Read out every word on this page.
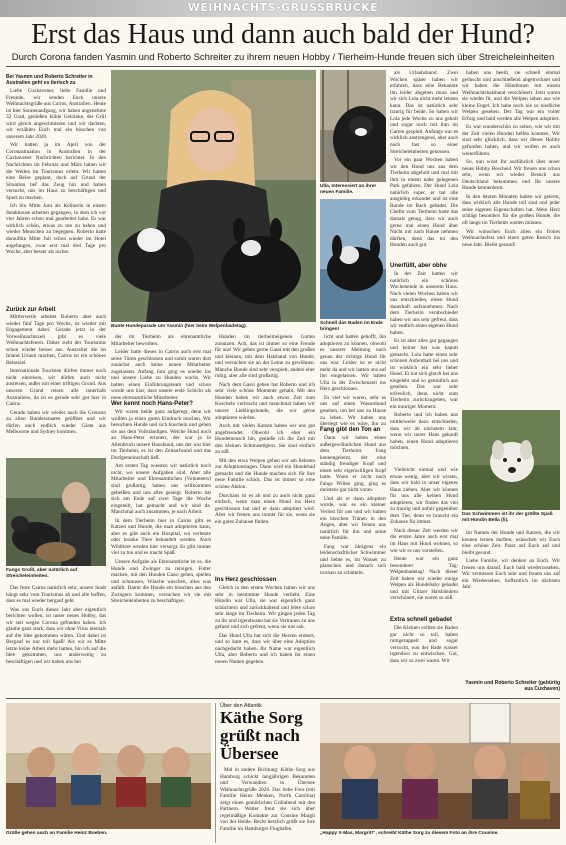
WEIHNACHTS-GRUSSBRÜCKE
Erst das Haus und dann auch bald der Hund?
Durch Corona fanden Yasmin und Roberto Schreiter zu ihrem neuen Hobby / Tierheim-Hunde freuen sich über Streicheleinheiten
Bei Yasmin und Roberto Schreiter in Australien geht es tierisch zu

Liebe Cuxhavener, liebe Familie und Freunde, wir senden Euch unsere Weihnachtsgrüße aus Cairns, Australien. Heute ist hier Sonnenaufgang, wir haben angenehme 32 Grad, genießen kühle Getränke, der Grill wird gleich angeschmissen und wir dachten, wir erzählen Euch mal ein bisschen von unserem Jahr 2020.

Wir hatten ja im April von der Coronasituation in Australien in der Cuxhavener Nachrichten berichtet. In den Nachrichten im Februar und März haben wir die Wellen im Tourismus erlebt. Wir hatten eine Reise geplant, doch auf Grund der Situation lief das Zeug hin und haben versucht, uns im Haus zu beschäftigen und Sport zu machen.

Ich bin Mitte Juni als Kellnerin in einem Steakhouse arbeiten gegangen, in dem ich vor vier Jahren schon mal gearbeitet habe. Es war wirklich schön, etwas zu tun zu haben und wieder Menschen zu begegnen. Roberto hatte daraufhin Mitte Juli schon wieder im Hotel angefangen, zwar erst mal drei Tage pro Woche, aber besser als nichts.

Zurück zur Arbeit

Mittlerweile arbeitet Roberto aber auch wieder fünf Tage pro Woche, ist wieder mit Engagement dabei. Gerade jetzt in der Vorweihnachtszeit gibt es viele Weihnachtsfeiern. Daher sieht der Tourismus schon wieder besser aus. Australier die im Inland Urlaub machen, Cairns ist ein schönes Reiseziel.

Internationale Touristen dürfen immer noch nicht einreisen, wir dürfen auch nicht ausreisen, außer mit einer triftigen Grund. Aus unseren Grund reisen alle innerhalb Australiens, da ist es gerade sehr gut hier in Cairns.

Gerade haben wir wieder auch die Grenzen zu allen Bundesstaaten geöffnet und wir dürfen auch endlich wieder Gäste aus Melbourne und Sydney kommen.

Fangs Großl, aber natürlich auf Streicheleinheiten.

Das feste Cairns natürlich sehr, unsere Stadt hängt sehr vom Tourismus ab und alle hoffen, dass es mal wieder bergauf geht.

Was uns Euch dieses Jahr aber eigentlich berichten wollen, ist unser neues Hobby, das wir seit wegen Corona gefunden haben. Ich glaube ganz stark, dass wir ohne Virus niemals auf die Idee gekommen wären. Und dabei ist Bergauf es nur toll Spaß! Als wir es Mitte letzte keine Arbeit mehr hatten, hin ich auf die Idee gekommen, uns anderweitig zu beschäftigen und wir haben uns bei

Bunte Hundeparade um Yasmin (hier beim Welpenbadetag).
Ulla, Interessiert an ihrer neuen Familie.
Schnell das Baden im Ende bringen!

der im Tierheim als ehrenamtliche Mitarbeiter beworben.

Leider hatte dieses in Cairns auch erst mal seine Türen geschlossen und somit waren dort zunächst auch keine neuen Mitarbeiter zugelassen. Anfang Juni ging es wieder los und unsere Liebe zu Hunden wuchs. Wir hatten einen Einführungsteam und schon wurde uns klar, dass unsere erste Schicht als neue ehrenamtliche Mitarbeiter.

Wer kennt noch Hans-Peter?

Wir waren beide ganz aufgeregt, denn wir wollten ja einen guten Eindruck machen. Wir besuchten Hunde und sich kuscheln und gehen sie aus dem Vollständigen. Welche Hund noch an Hans-Peter erinnert, der war ja in Altenbruch unsere Haushund, uns der war hier im Tierheim, es ist den Zeitaufwand und das Dorfgemeinschaft ließ.

Am ersten Tag wussten wir natürlich noch nicht, wo unsere Aufgaben sind. Aber alle Mitarbeiter und Ehrenamtlichen (Volunteers) sind großartig, haben uns willkommen geheißen und uns alles gezeigt. Roberto hat sich am Ende auf zwei Tage die Woche eingeteilt, hat gemacht und wir sind da. Manchmal auch zusammen, je nach Arbeit.

In dem Tierheim hier in Cairns gibt es Katzen und Hunde, die man adoptieren kann, aber es gibt auch ein Hospital, wo verletzte oder kranke Tiere behandelt werden. Auch Wildtiere werden hier versorgt. Es gibt immer viel zu tun und es macht Spaß.

Unsere Aufgabe als Ehrenamtliche ist es, die Hunde und Zwinger zu reinigen, Futter machen, mit den Hunden Gassi gehen, spielen und schmusen, Wäsche waschen, alles was anfällt. Damit die Hunde ein bisschen aus den Zwingern kommen, versuchen wir sie mit Streicheleinheiten zu beschäftigen.

Hunden im tierheimeigenen Garten zunutzen. Ach, das ist immer so eine Freude für uns! Wir gehen gerne Gassi mit den großen und kleinen, mit dem Halsband von Hunde, und versuchen sie an der Leine zu gewöhnen. Manche Hunde sind sehr verspielt, andere eher ruhig, aber alle sind großartig.

Nach dem Gassi gehen hat Roberto und ich sehr viele schöne Momente gehabt. Mit den Hunden haben wir auch etwas Zeit zum Kuscheln verbracht und manchmal haben wir unsere Lieblingshunde, die wir gerne adoptieren würden.

Auch mit vielen Katzen haben wir uns gut angefreundet. Obwohl ich eher ein Hundemensch bin, genieße ich die Zeit mit den kleinen Schmusetigern. Sie sind einfach zu süß.

Mit den etwa Welpen gehen wir am liebsten zur Adoptionstagen. Dann wird ein Hundebad gemacht und die Hunde machen sich für ihre neue Familie schick. Das ist immer so eine schöne Aktion.

Durchaus ist es ab und zu auch nicht ganz einfach, wenn man einen Hund ins Herz geschlossen hat und er dann adoptiert wird. Aber wir freuen uns immer für sie, wenn sie ein gutes Zuhause finden.

Ins Herz geschlossen

Gleich in den ersten Wochen haben wir uns sehr in bestimmte Hunde verliebt. Eine Hündin war Ulla, sie war eigentlich ganz schüchtern und zurückhaltend und lebte schon sehr lange im Tierheim. Wir gingen jeden Tag zu ihr und irgendwann hat sie Vertrauen zu uns gefasst und sich gefreut, wenn sie uns sah.

Das Hund Ulla hat sich die Herzen erobert, und so kam es, dass wir über eine Adoption nachgedacht haben. Ihr Name war eigentlich Ulla, aber Roberto und ich haben ihr einen neuen Namen gegeben.

licht und hatten gehofft, ihn adoptieren zu können, obwohl es unserer Meinung nach genau der richtige Hund für uns war. Leider ist er nicht mehr da und wir hatten uns auf ihn eingelassen. Wir haben Ulla in der Zwischenzeit ins Herz geschlossen.

Es viel wir waren, sehr es uns auf einen Wasserhund gesehen, um bei uns zu Hause zu leben. Wir haben uns überlegt wie es wäre, ihn zu

Fang gibt den Ton an

Dann wir haben einen außergewöhnlichen Hund aus dem Tierheim: Fang kennengelernt, der eine ständig freudiger Kopf und einen sehr eigenwilligen Kopf hatte. Wann er nicht nach Fangs Willen ging, ging es meistens gar nicht voran.

Und als er dann adoptiert wurde, war es ein kleiner Verlust für uns und wir hatten ein bisschen Tränen in den Augen, aber wir freuen uns natürlich für ihn und seine neue Familie.

Fang war übrigens ein leidenschaftlicher Schwimmer und liebte es, im Wasser zu planschen und danach sich trocken zu schütteln.

als Urlaubshund. Zwei Wochen später haben wir erfahren, dass eine Bekannte ihn leider abgeben muss und wir sich Lola nicht mehr leisten kann. Das ist natürlich sehr traurig für beide. So haben wir Lola jede Woche zu uns geholt und sogar noch mit ihm im Garten gespielt. Anfangs war es wirklich anstrengend, aber auch nach fast so einer Streicheleinheiten genossen.

Vor ein paar Wochen haben wir den Hund uns aus dem Tierheim abgeholt und mal mit ihm in einem nahe gelegenen Park gefahren. Der Hund Lola natürlich super, er hat alle ausgiebig erkundet und ist eine Runde im Bach gebadet. Die Chefin vom Tierheim hatte das damals genug, dass wir auch gerne mal einen Hund über Nacht mit nach Hause nehmen dürften, denn das tut den Hunden auch gut.

Unerfüllt, aber obhe

In der Zeit hatten wir natürlich ein schönes Wochenende in unserem Haus. Nach vielen Wochen haben wir uns entschieden, einen Hund dauerhaft aufzunehmen. Nach dem Tierheim verabschiedet haben wir uns sehr gefreut, dass wir endlich einen eigenen Hund haben.

Es ist aber alles gut gegangen und keiner hat was kaputt gemacht. Lola hatte einen sehr schönen Aufenthalt bei uns und ist wirklich ein sehr lieber Hund. Er hat sich gleich bei uns eingelebt und so gemütlich aus gesehen. Das war sehr erfreulich, denn nicht zum Tierheim zurückzugehen, war ein trauriger Moment.

Roberto und ich haben uns mittlerweile dazu entschieden, dass wir ab nächstem Jahr, wenn wir unser Haus gekauft haben, einen Hund adoptieren möchten.

Vielleicht einmal und wie etwas wenig, aber wir wissen, dass wir bald in unser eigenes Haus ziehen. Aber wir können für uns alle keinen Hund adoptieren, wir finden das viel zu traurig und unfair gegenüber dem Tier, denn es braucht ein Zuhause für immer.

Nach dieser Zeit werden wir die ersten Jahre auch erst mal im Haus mit Hund wohnen, so wie wir es uns vorstellen.

Heute war ein ganz besonderer Tag: Welpenbadetag! Nach dieser Zeit haben wir wieder einige Welpen als Hundebaby gebadet und mit Glitzer Halsbändern verschönert, sie waren so süß.

Extra schnell gebadet

Die Kleinen sollten sie Baden gar nicht so toll, haben rumgezappelt und sogar versucht, was der Bade wasser irgendwo zu entwischen. Gut, dass wir so zwei waren. Wir

haben uns beeilt, sie schnell einmal geduscht und anschließend abgetrocknet und wir haben die Hündinnen mit einem Weihnachtshalsband verschönert. Jetzt waren sie wieder fit, und die Welpen sahen aus wie kleine Engel. Ich habe noch nie so niedliche Welpen gesehen. Der Tag war ein voller Erfolg und bald werden alle Welpen adoptiert.

Es war wunderschön zu sehen, wie wir mit der Zeit vielen Hunden helfen konnten. Wir sind sehr glücklich, dass wir dieses Hobby gefunden haben, und wir wollen es auch weiterführen.

So, nun wisst Ihr ausführlich über unser neues Hobby Bescheid. Wir freuen uns schon sehr, wenn wir wieder Besuch aus Deutschland bekommen und Ihr unsere Hunde kennenlernt.

In den letzten Monaten haben wir gelernt, dass wirklich alle Hunde toll sind und jeder seine eigenen Eigenschaften hat. Mein Herz schlägt besonders für die großen Hunde, die oft lange im Tierheim warten müssen.

Wir wünschen Euch allen ein frohes Weihnachtsfest und einen guten Rutsch ins neue Jahr. Bleibt gesund!

Das Schwimmen ist ihr der größte Spaß mit Hündin Bella (li).

Im Namen der Hunde und Katzen, die wir kennen lernen durften, wünschen wir Euch eine schöne Zeit. Passt auf Euch auf und bleibt gesund.

Liebe Familie, wir denken an Euch. Wir freuen uns darauf, Euch bald wiederzusehen. Wir vermissen Euch sehr und freuen uns auf ein Wiedersehen, hoffentlich im nächsten Jahr.

Yasmin und Roberto Schreiter (gebürtig aus Cuxhaven)
Grüße gehen auch an Familie Heinz Boeben.
Über den Atlantik
Käthe Sorg grüßt nach Übersee

Mal in andere Richtung: Käthe Sorg aus Hamburg schickt langjährigen Bekannten und Verwandten in Übersee Weihnachtsgrüße 2020. Das liebe Foto (mit Familie Heinz Menken, North Carolina) zeigt einen gemütlichen Grillabend mit den Partnern. Weiter freut sie sich über regelmäßige Kontakte zur Cousine Margit von der Heide. Recht herzlich grüßt sie ihre Familie im Hamburger Flughafen.

„Happy X-Mas, Margrit!“, schreibt Käthe Sorg zu diesem Foto an ihre Cousine.
